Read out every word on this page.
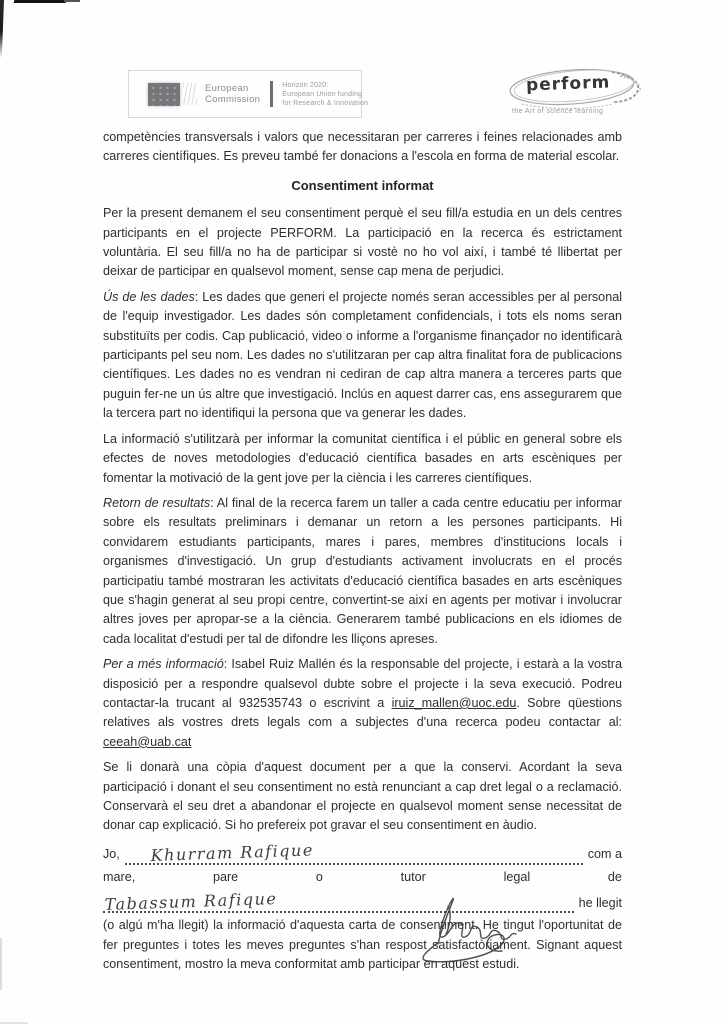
European
Commission
Horizon 2020:
European Union funding
for Research & Innovation
perform
the Art of science learning

competències transversals i valors que necessitaran per carreres i feines relacionades amb carreres científiques. Es preveu també fer donacions a l'escola en forma de material escolar.

Consentiment informat

Per la present demanem el seu consentiment perquè el seu fill/a estudia en un dels centres participants en el projecte PERFORM. La participació en la recerca és estrictament voluntària. El seu fill/a no ha de participar si vostè no ho vol així, i també té llibertat per deixar de participar en qualsevol moment, sense cap mena de perjudici.

Ús de les dades: Les dades que generi el projecte només seran accessibles per al personal de l'equip investigador. Les dades són completament confidencials, i tots els noms seran substituïts per codis. Cap publicació, video o informe a l'organisme finançador no identificarà participants pel seu nom. Les dades no s'utilitzaran per cap altra finalitat fora de publicacions científiques. Les dades no es vendran ni cediran de cap altra manera a terceres parts que puguin fer-ne un ús altre que investigació. Inclús en aquest darrer cas, ens assegurarem que la tercera part no identifiqui la persona que va generar les dades.

La informació s'utilitzarà per informar la comunitat científica i el públic en general sobre els efectes de noves metodologies d'educació científica basades en arts escèniques per fomentar la motivació de la gent jove per la ciència i les carreres científiques.

Retorn de resultats: Al final de la recerca farem un taller a cada centre educatiu per informar sobre els resultats preliminars i demanar un retorn a les persones participants. Hi convidarem estudiants participants, mares i pares, membres d'institucions locals i organismes d'investigació. Un grup d'estudiants activament involucrats en el procés participatiu també mostraran les activitats d'educació científica basades en arts escèniques que s'hagin generat al seu propi centre, convertint-se així en agents per motivar i involucrar altres joves per apropar-se a la ciència. Generarem també publicacions en els idiomes de cada localitat d'estudi per tal de difondre les lliçons apreses.

Per a més informació: Isabel Ruiz Mallén és la responsable del projecte, i estarà a la vostra disposició per a respondre qualsevol dubte sobre el projecte i la seva execució. Podreu contactar-la trucant al 932535743 o escrivint a iruiz_mallen@uoc.edu. Sobre qüestions relatives als vostres drets legals com a subjectes d'una recerca podeu contactar al: ceeah@uab.cat

Se li donarà una còpia d'aquest document per a que la conservi. Acordant la seva participació i donant el seu consentiment no està renunciant a cap dret legal o a reclamació. Conservarà el seu dret a abandonar el projecte en qualsevol moment sense necessitat de donar cap explicació. Si ho prefereix pot gravar el seu consentiment en àudio.

Jo, Khurram Rafique	com a
mare,	pare	o	tutor	legal	de
Tabassum Rafique	he llegit

(o algú m'ha llegit) la informació d'aquesta carta de consentiment. He tingut l'oportunitat de fer preguntes i totes les meves preguntes s'han respost satisfactòriament. Signant aquest consentiment, mostro la meva conformitat amb participar en aquest estudi.
